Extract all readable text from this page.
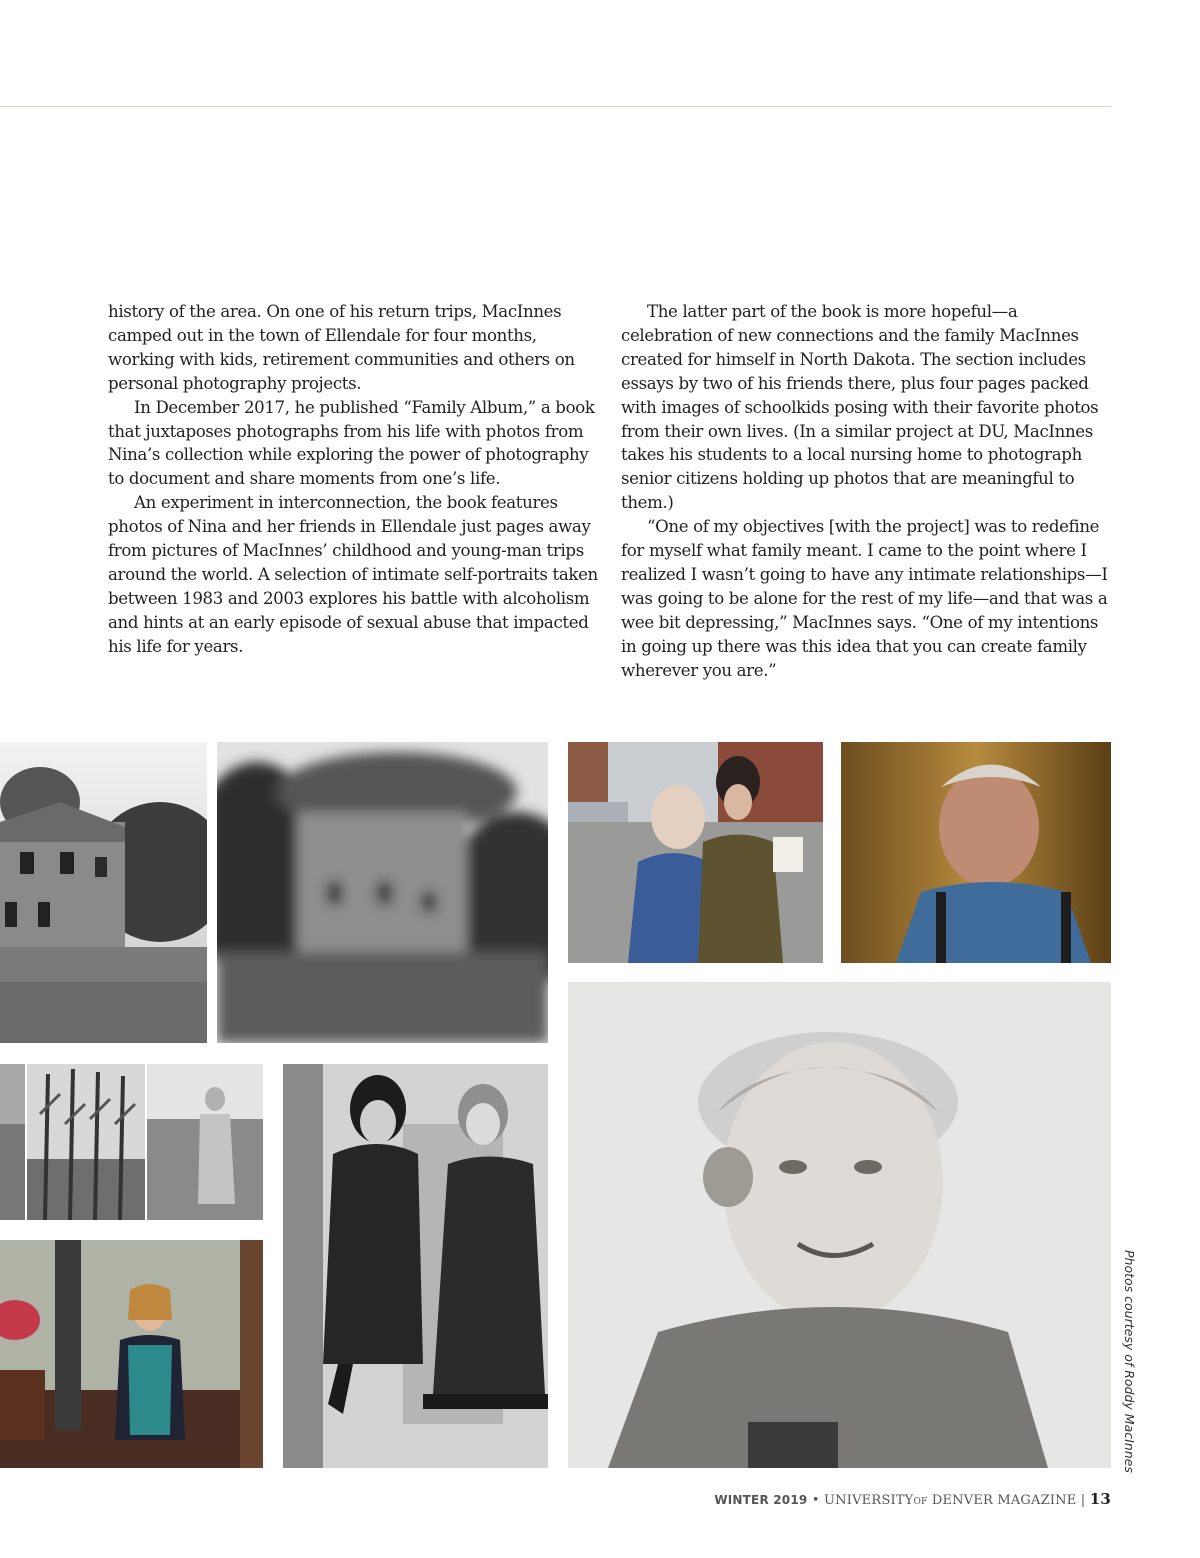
history of the area. On one of his return trips, MacInnes camped out in the town of Ellendale for four months, working with kids, retirement communities and others on personal photography projects.

In December 2017, he published “Family Album,” a book that juxtaposes photographs from his life with photos from Nina’s collection while exploring the power of photography to document and share moments from one’s life.

An experiment in interconnection, the book features photos of Nina and her friends in Ellendale just pages away from pictures of MacInnes’ childhood and young-man trips around the world. A selection of intimate self-portraits taken between 1983 and 2003 explores his battle with alcoholism and hints at an early episode of sexual abuse that impacted his life for years.

The latter part of the book is more hopeful—a celebration of new connections and the family MacInnes created for himself in North Dakota. The section includes essays by two of his friends there, plus four pages packed with images of schoolkids posing with their favorite photos from their own lives. (In a similar project at DU, MacInnes takes his students to a local nursing home to photograph senior citizens holding up photos that are meaningful to them.)

“One of my objectives [with the project] was to redefine for myself what family meant. I came to the point where I realized I wasn’t going to have any intimate relationships—I was going to be alone for the rest of my life—and that was a wee bit depressing,” MacInnes says. “One of my intentions in going up there was this idea that you can create family wherever you are.”

Photos courtesy of Roddy MacInnes
WINTER 2019 • UNIVERSITYOF DENVER MAGAZINE | 13
